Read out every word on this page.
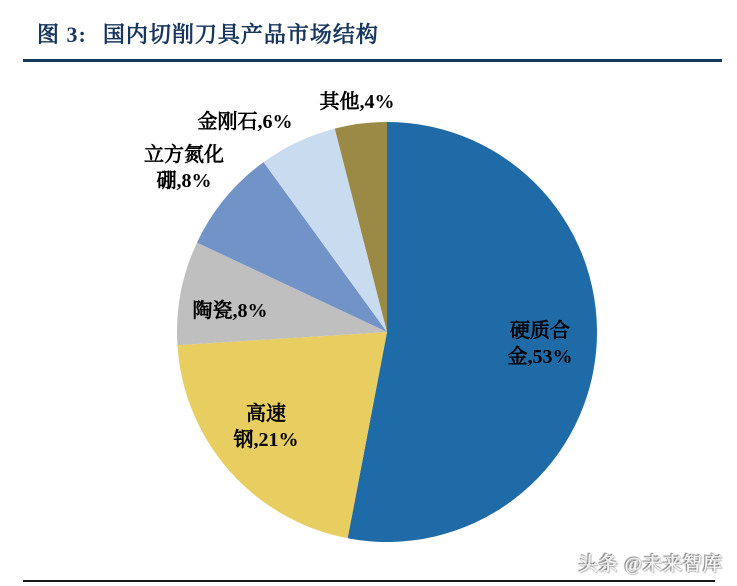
图 3: 国内切削刀具产品市场结构
硬质合
金,53%
高速
钢,21%
陶瓷,8%
立方氮化
硼,8%
金刚石,6%
其他,4%
头条 @未来智库
